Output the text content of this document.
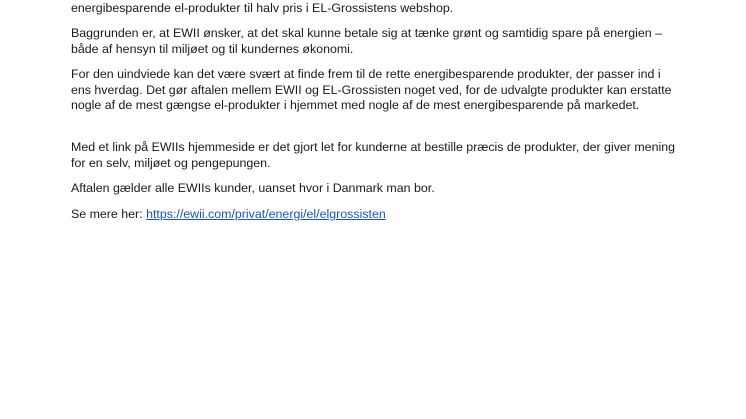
energibesparende el-produkter til halv pris i EL-Grossistens webshop.

Baggrunden er, at EWII ønsker, at det skal kunne betale sig at tænke grønt og samtidig spare på energien – både af hensyn til miljøet og til kundernes økonomi.

For den uindviede kan det være svært at finde frem til de rette energibesparende produkter, der passer ind i ens hverdag. Det gør aftalen mellem EWII og EL-Grossisten noget ved, for de udvalgte produkter kan erstatte nogle af de mest gængse el-produkter i hjemmet med nogle af de mest energibesparende på markedet.

Med et link på EWIIs hjemmeside er det gjort let for kunderne at bestille præcis de produkter, der giver mening for en selv, miljøet og pengepungen.

Aftalen gælder alle EWIIs kunder, uanset hvor i Danmark man bor.

Se mere her: https://ewii.com/privat/energi/el/elgrossisten
